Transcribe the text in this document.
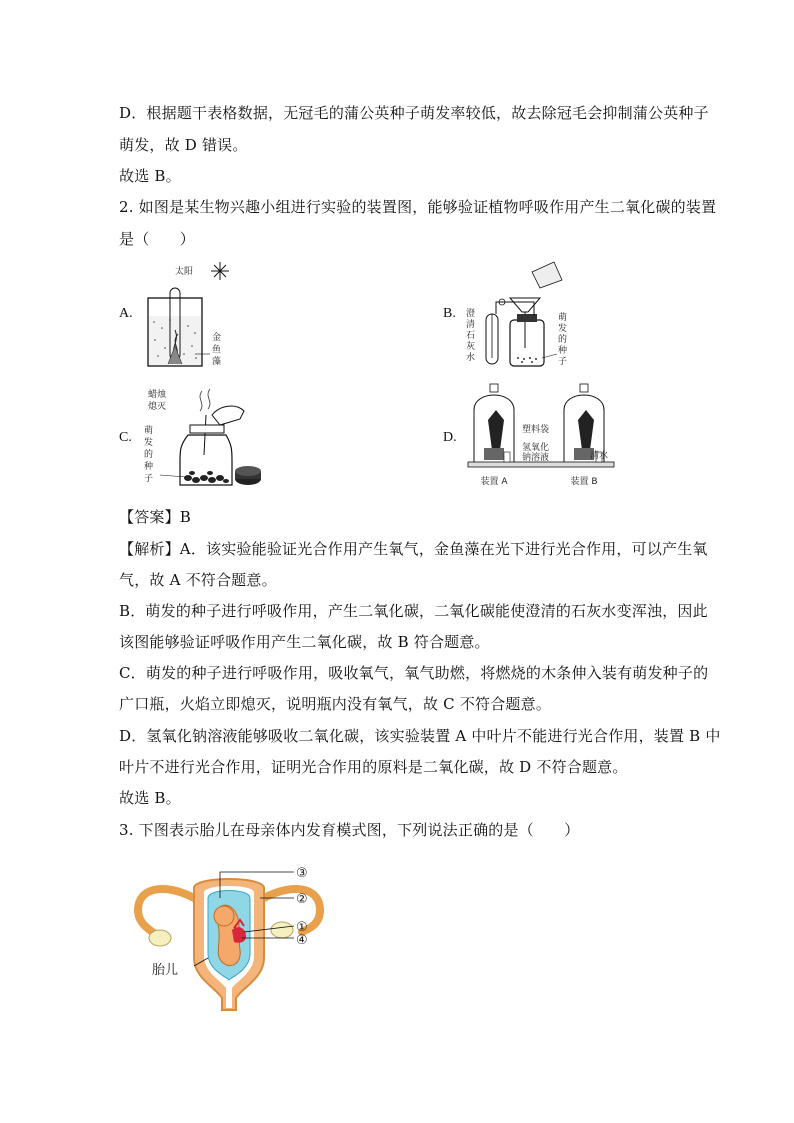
D．根据题干表格数据，无冠毛的蒲公英种子萌发率较低，故去除冠毛会抑制蒲公英种子
萌发，故 D 错误。
故选 B。
2. 如图是某生物兴趣小组进行实验的装置图，能够验证植物呼吸作用产生二氧化碳的装置
是（　　）
A.	B.
C.	D.
太阳
金
鱼
藻
澄
清
石
灰
水
萌
发
的
种
子
蜡烛
熄灭
萌
发
的
种
子
塑料袋
氢氧化
钠溶液	清水
装置 A	装置 B
【答案】B
【解析】A．该实验能验证光合作用产生氧气，金鱼藻在光下进行光合作用，可以产生氧
气，故 A 不符合题意。
B．萌发的种子进行呼吸作用，产生二氧化碳，二氧化碳能使澄清的石灰水变浑浊，因此
该图能够验证呼吸作用产生二氧化碳，故 B 符合题意。
C．萌发的种子进行呼吸作用，吸收氧气，氧气助燃，将燃烧的木条伸入装有萌发种子的
广口瓶，火焰立即熄灭，说明瓶内没有氧气，故 C 不符合题意。
D．氢氧化钠溶液能够吸收二氧化碳，该实验装置 A 中叶片不能进行光合作用，装置 B 中
叶片不进行光合作用，证明光合作用的原料是二氧化碳，故 D 不符合题意。
故选 B。
3. 下图表示胎儿在母亲体内发育模式图，下列说法正确的是（　　）
③
②
①
④
胎儿
